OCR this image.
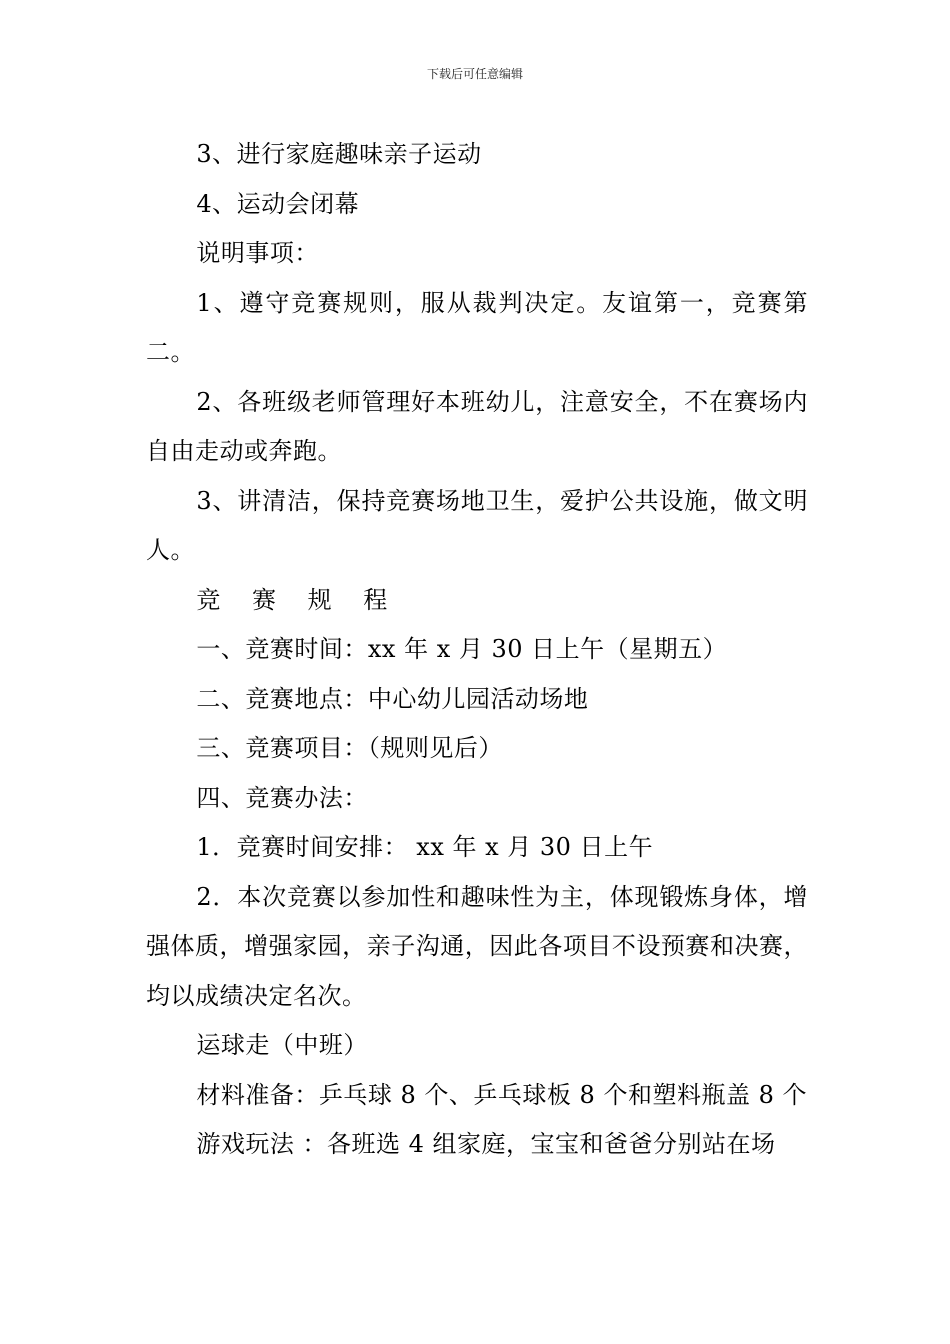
下载后可任意编辑

3、进行家庭趣味亲子运动

4、运动会闭幕

说明事项：

1、遵守竞赛规则，服从裁判决定。友谊第一，竞赛第二。

2、各班级老师管理好本班幼儿，注意安全，不在赛场内自由走动或奔跑。

3、讲清洁，保持竞赛场地卫生，爱护公共设施，做文明人。

竞 赛 规 程

一、竞赛时间：xx 年 x 月 30 日上午（星期五）

二、竞赛地点：中心幼儿园活动场地

三、竞赛项目：（规则见后）

四、竞赛办法：

1．竞赛时间安排： xx 年 x 月 30 日上午

2．本次竞赛以参加性和趣味性为主，体现锻炼身体，增强体质，增强家园，亲子沟通，因此各项目不设预赛和决赛，均以成绩决定名次。

运球走（中班）

材料准备：乒乓球 8 个、乒乓球板 8 个和塑料瓶盖 8 个

游戏玩法 ：各班选 4 组家庭，宝宝和爸爸分别站在场
